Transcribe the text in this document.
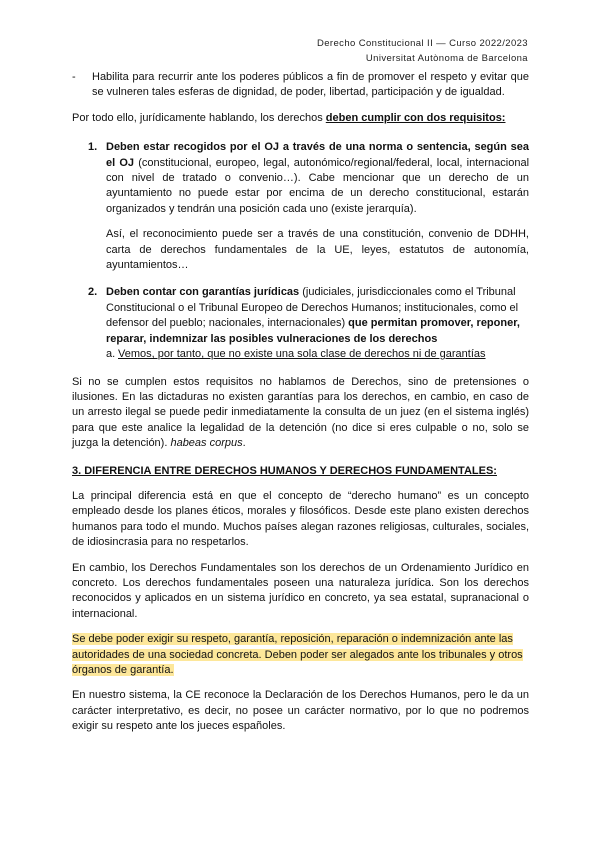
Derecho Constitucional II — Curso 2022/2023
Universitat Autònoma de Barcelona
- Habilita para recurrir ante los poderes públicos a fin de promover el respeto y evitar que se vulneren tales esferas de dignidad, de poder, libertad, participación y de igualdad.

Por todo ello, jurídicamente hablando, los derechos deben cumplir con dos requisitos:

1. Deben estar recogidos por el OJ a través de una norma o sentencia, según sea el OJ (constitucional, europeo, legal, autonómico/regional/federal, local, internacional con nivel de tratado o convenio…). Cabe mencionar que un derecho de un ayuntamiento no puede estar por encima de un derecho constitucional, estarán organizados y tendrán una posición cada uno (existe jerarquía).

Así, el reconocimiento puede ser a través de una constitución, convenio de DDHH, carta de derechos fundamentales de la UE, leyes, estatutos de autonomía, ayuntamientos…

2. Deben contar con garantías jurídicas (judiciales, jurisdiccionales como el Tribunal Constitucional o el Tribunal Europeo de Derechos Humanos; institucionales, como el defensor del pueblo; nacionales, internacionales) que permitan promover, reponer, reparar, indemnizar las posibles vulneraciones de los derechos

a. Vemos, por tanto, que no existe una sola clase de derechos ni de garantías

Si no se cumplen estos requisitos no hablamos de Derechos, sino de pretensiones o ilusiones. En las dictaduras no existen garantías para los derechos, en cambio, en caso de un arresto ilegal se puede pedir inmediatamente la consulta de un juez (en el sistema inglés) para que este analice la legalidad de la detención (no dice si eres culpable o no, solo se juzga la detención). habeas corpus.

3. DIFERENCIA ENTRE DERECHOS HUMANOS Y DERECHOS FUNDAMENTALES:

La principal diferencia está en que el concepto de “derecho humano” es un concepto empleado desde los planes éticos, morales y filosóficos. Desde este plano existen derechos humanos para todo el mundo. Muchos países alegan razones religiosas, culturales, sociales, de idiosincrasia para no respetarlos.

En cambio, los Derechos Fundamentales son los derechos de un Ordenamiento Jurídico en concreto. Los derechos fundamentales poseen una naturaleza jurídica. Son los derechos reconocidos y aplicados en un sistema jurídico en concreto, ya sea estatal, supranacional o internacional.

Se debe poder exigir su respeto, garantía, reposición, reparación o indemnización ante las autoridades de una sociedad concreta. Deben poder ser alegados ante los tribunales y otros órganos de garantía.

En nuestro sistema, la CE reconoce la Declaración de los Derechos Humanos, pero le da un carácter interpretativo, es decir, no posee un carácter normativo, por lo que no podremos exigir su respeto ante los jueces españoles.
